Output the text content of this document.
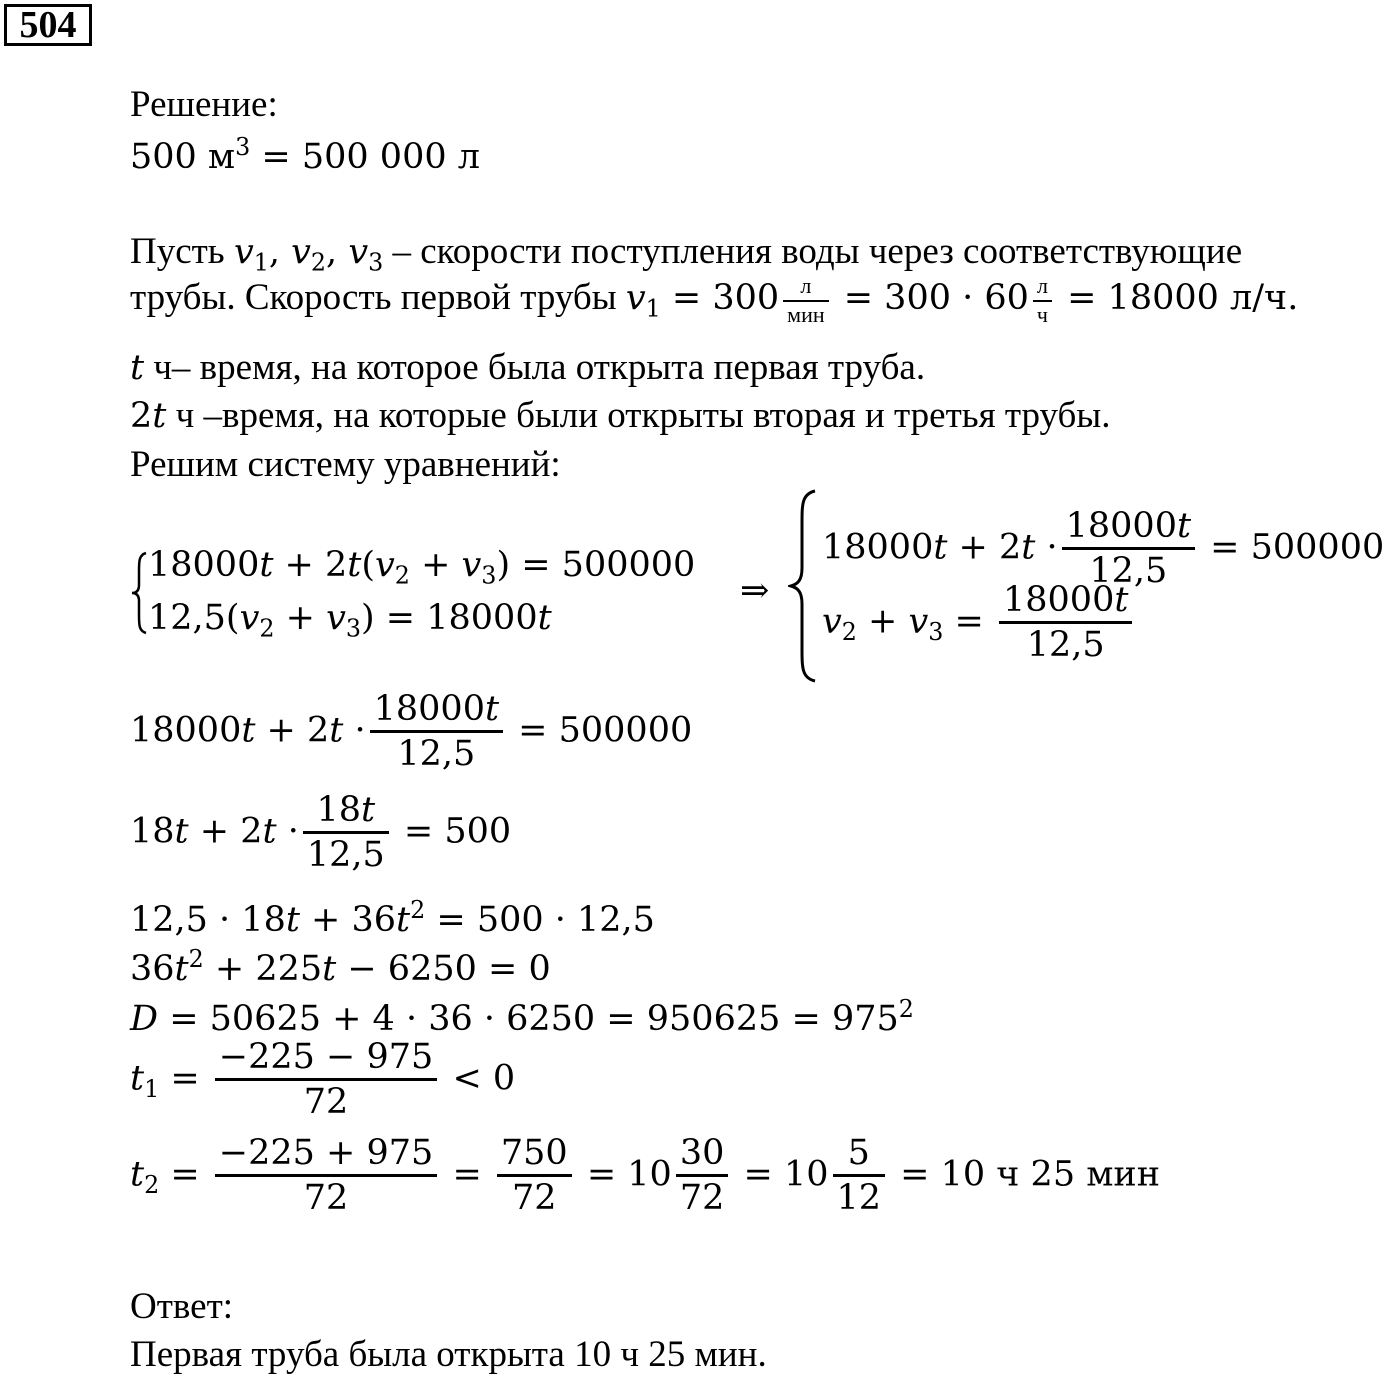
504
Решение:
500 $м^3 = 500$ 000 л
Пусть $v_1$, $v_2$, $v_3$ – скорости поступления воды через соответствующие
трубы. Скорость первой трубы $v_1 = 300 \frac{л}{\text{мин}} = 300 \cdot 60 \frac{л}{ч} = 18000$ л/ч.
t ч– время, на которое была открыта первая труба.
2t ч –время, на которые были открыты вторая и третья трубы.
Решим систему уравнений:
$18000t + 2t(v_2 + v_3) = 500000$
$12,5(v_2 + v_3) = 18000t$
⇒
$18000t + 2t \cdot \frac{18000t}{12,5} = 500000$
$v_2 + v_3 = \frac{18000t}{12,5}$
$18000t + 2t \cdot \frac{18000t}{12,5} = 500000$
$18t + 2t \cdot \frac{18t}{12,5} = 500$
$12,5 \cdot 18t + 36t^2 = 500 \cdot 12,5$
$36t^2 + 225t - 6250 = 0$
$D = 50625 + 4 \cdot 36 \cdot 6250 = 950625 = 975^2$
$t_1 = \frac{-225 - 975}{72} < 0$
$t_2 = \frac{-225 + 975}{72} = \frac{750}{72} = 10 \frac{30}{72} = 10 \frac{5}{12} = 10$ ч 25 мин
Ответ:
Первая труба была открыта 10 ч 25 мин.
